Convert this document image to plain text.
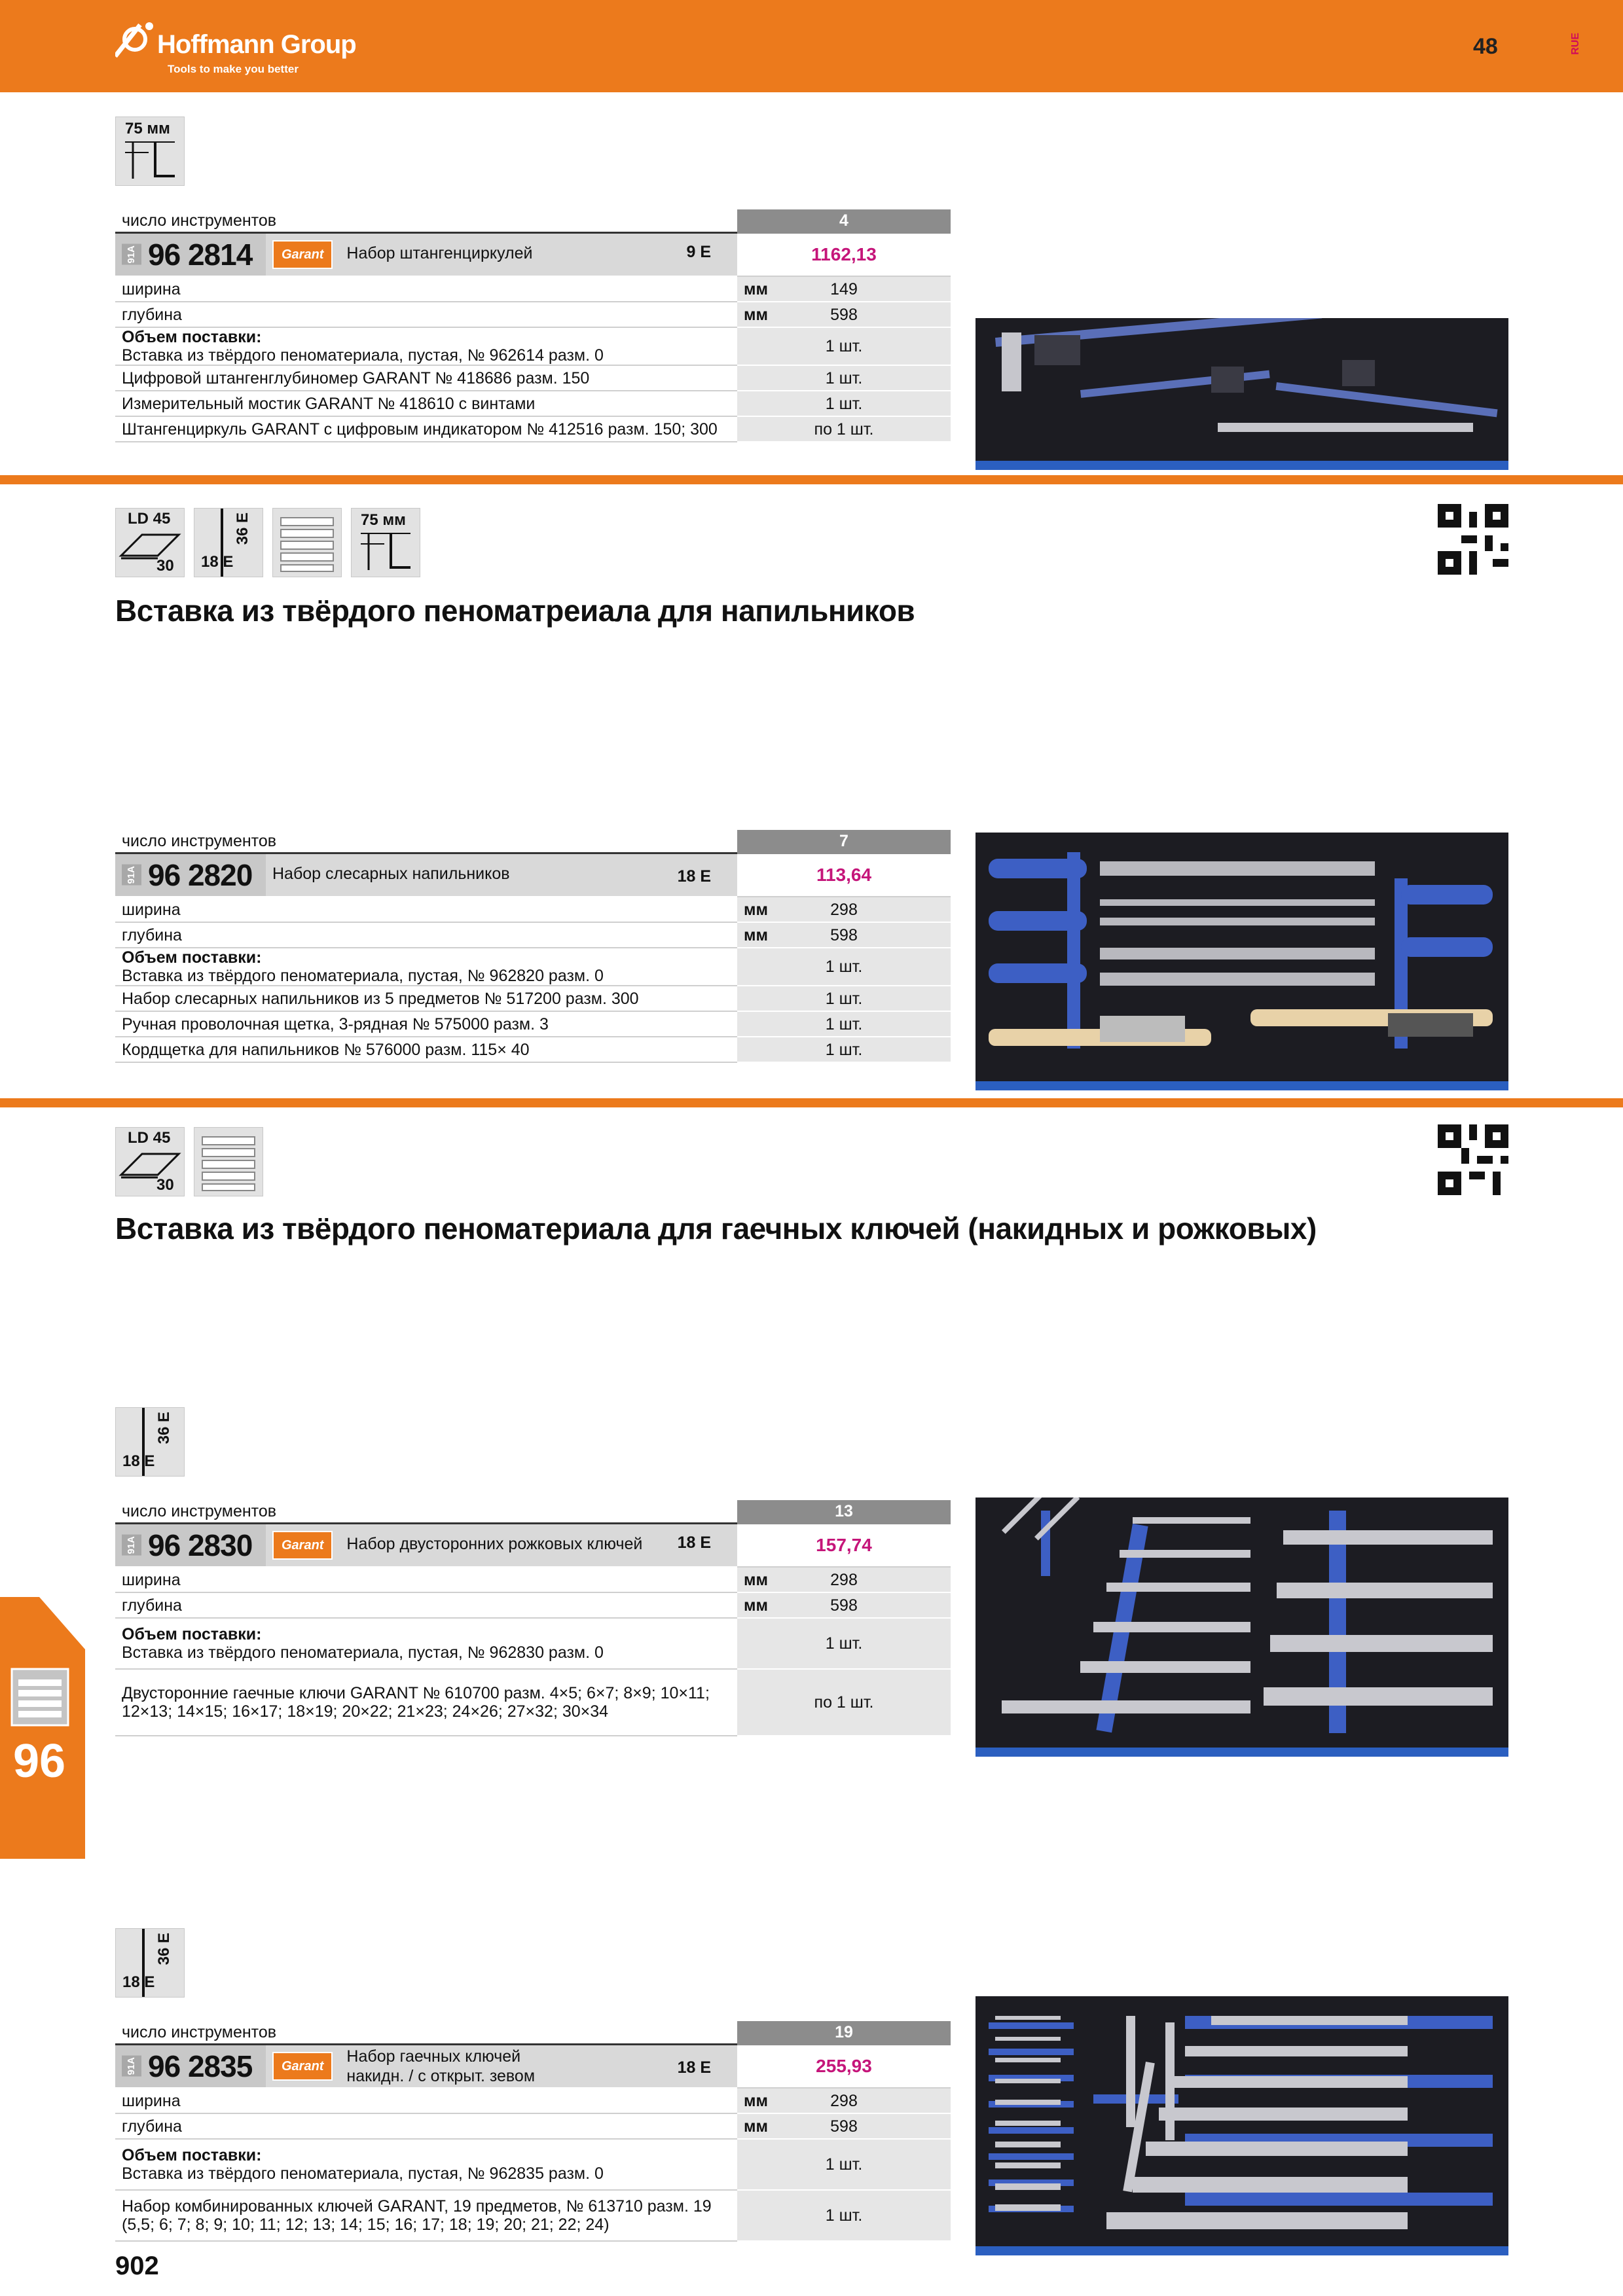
Hoffmann Group
Tools to make you better
48	RUE
75 мм
число инструментов		4

91A 96 2814	Garant Набор штангенциркулей 9 E	1162,13
ширина		149
глубина		598
Объем поставки:
Вставка из твёрдого пеноматериала, пустая, № 962614 разм. 0		1 шт.
Цифровой штангенглубиномер GARANT № 418686 разм. 150		1 шт.
Измерительный мостик GARANT № 418610 с винтами		1 шт.
Штангенциркуль GARANT с цифровым индикатором № 412516 разм. 150; 300		по 1 шт.
LD 45
30 18 E
36 E	75 мм
Вставка из твёрдого пеноматреиала для напильников
число инструментов		7

91A 96 2820	Набор слесарных напильников 18 E	113,64
ширина		298
глубина		598
Объем поставки:
Вставка из твёрдого пеноматериала, пустая, № 962820 разм. 0		1 шт.
Набор слесарных напильников из 5 предметов № 517200 разм. 300		1 шт.
Ручная проволочная щетка, 3-рядная № 575000 разм. 3		1 шт.
Кордщетка для напильников № 576000 разм. 115× 40		1 шт.
LD 45
30
Вставка из твёрдого пеноматериала для гаечных ключей (накидных и рожковых)
18 E
36 E
число инструментов		13

91A 96 2830	Garant Набор двусторонних рожковых ключей 18 E	157,74
ширина		298
глубина		598
Объем поставки:
Вставка из твёрдого пеноматериала, пустая, № 962830 разм. 0		1 шт.
Двусторонние гаечные ключи GARANT № 610700 разм. 4×5; 6×7; 8×9; 10×11; 12×13; 14×15; 16×17; 18×19; 20×22; 21×23; 24×26; 27×32; 30×34		по 1 шт.
96
18 E
36 E
число инструментов		19

91A 96 2835	Garant Набор гаечных ключей накидн. / с открыт. зевом 18 E	255,93
ширина		298
глубина		598
Объем поставки:
Вставка из твёрдого пеноматериала, пустая, № 962835 разм. 0		1 шт.
Набор комбинированных ключей GARANT, 19 предметов, № 613710 разм. 19 (5,5; 6; 7; 8; 9; 10; 11; 12; 13; 14; 15; 16; 17; 18; 19; 20; 21; 22; 24)		1 шт.
902
